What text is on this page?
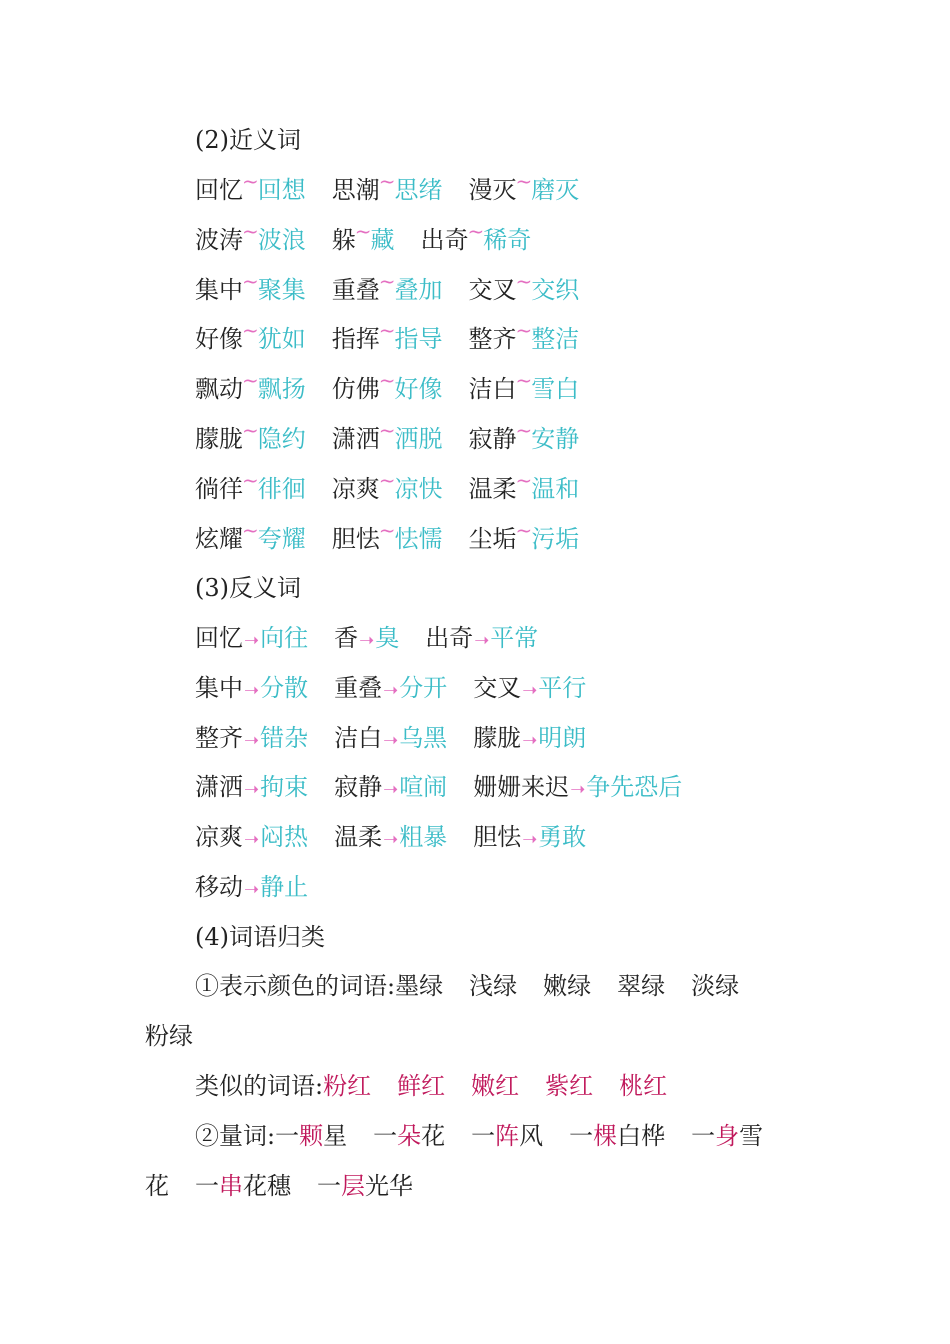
(2)近义词
回忆~回想 思潮~思绪 漫灭~磨灭
波涛~波浪 躲~藏 出奇~稀奇
集中~聚集 重叠~叠加 交叉~交织
好像~犹如 指挥~指导 整齐~整洁
飘动~飘扬 仿佛~好像 洁白~雪白
朦胧~隐约 潇洒~洒脱 寂静~安静
徜徉~徘徊 凉爽~凉快 温柔~温和
炫耀~夸耀 胆怯~怯懦 尘垢~污垢
(3)反义词
回忆➝向往 香➝臭 出奇➝平常
集中➝分散 重叠➝分开 交叉➝平行
整齐➝错杂 洁白➝乌黑 朦胧➝明朗
潇洒➝拘束 寂静➝喧闹 姗姗来迟➝争先恐后
凉爽➝闷热 温柔➝粗暴 胆怯➝勇敢
移动➝静止
(4)词语归类
①表示颜色的词语:墨绿 浅绿 嫩绿 翠绿 淡绿
粉绿
类似的词语:粉红 鲜红 嫩红 紫红 桃红
②量词:一颗星 一朵花 一阵风 一棵白桦 一身雪
花 一串花穗 一层光华
